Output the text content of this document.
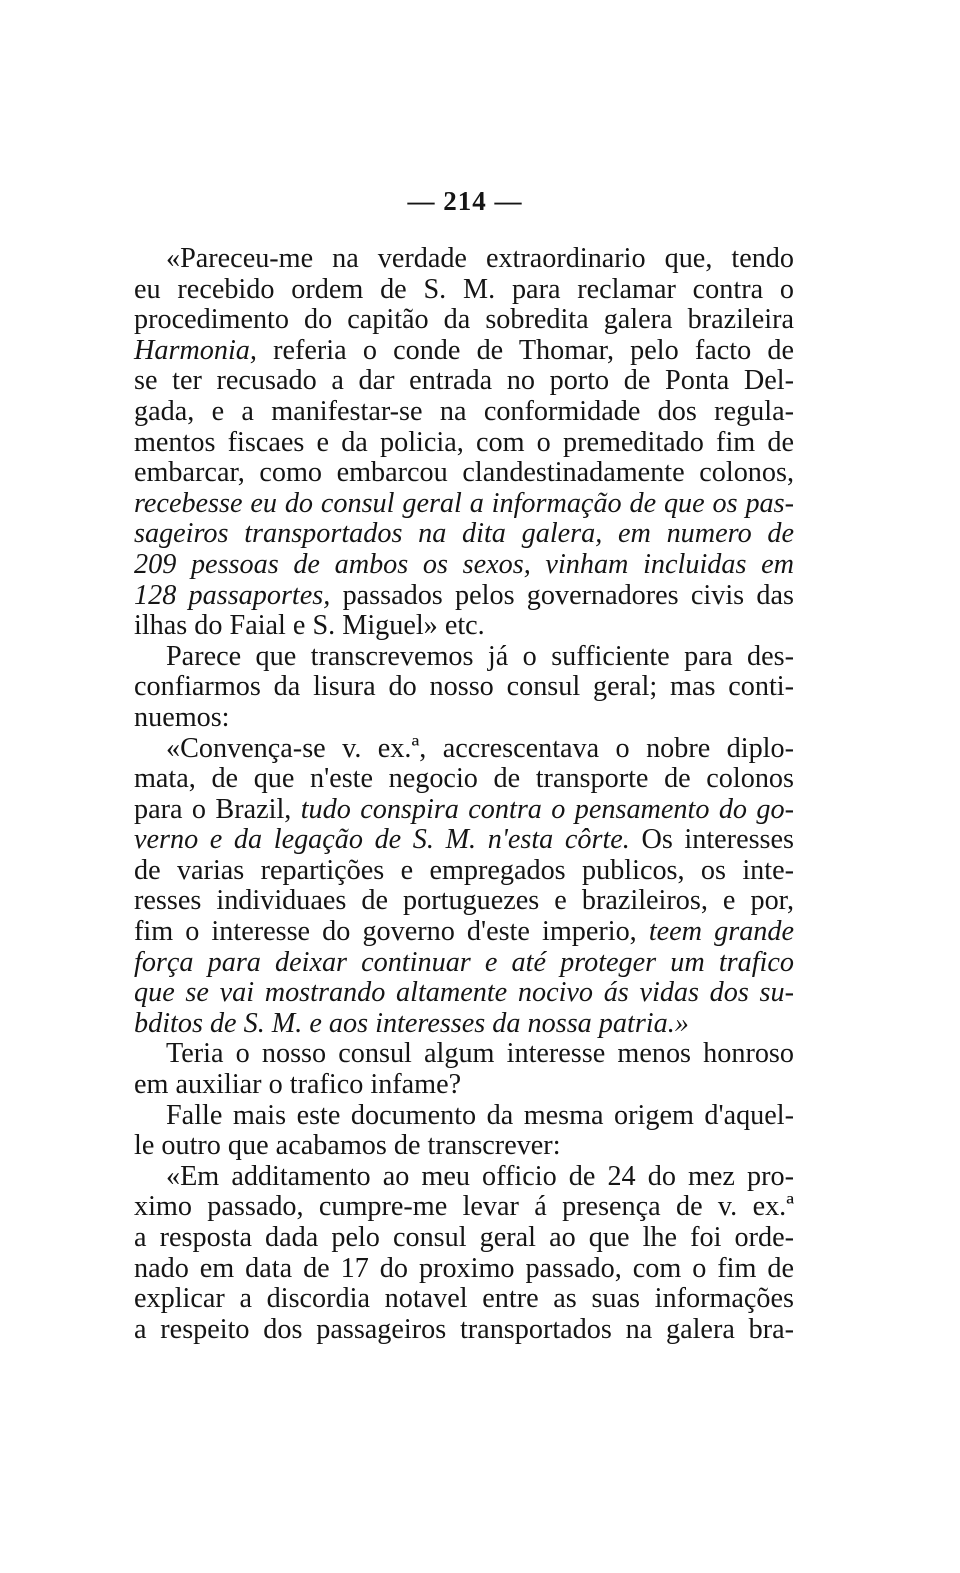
— 214 —
«Pareceu-me na verdade extraordinario que, tendo
eu recebido ordem de S. M. para reclamar contra o
procedimento do capitão da sobredita galera brazileira
Harmonia, referia o conde de Thomar, pelo facto de
se ter recusado a dar entrada no porto de Ponta Del-
gada, e a manifestar-se na conformidade dos regula-
mentos fiscaes e da policia, com o premeditado fim de
embarcar, como embarcou clandestinadamente colonos,
recebesse eu do consul geral a informação de que os pas-
sageiros transportados na dita galera, em numero de
209 pessoas de ambos os sexos, vinham incluidas em
128 passaportes, passados pelos governadores civis das
ilhas do Faial e S. Miguel» etc.
Parece que transcrevemos já o sufficiente para des-
confiarmos da lisura do nosso consul geral; mas conti-
nuemos:
«Convença-se v. ex.ª, accrescentava o nobre diplo-
mata, de que n'este negocio de transporte de colonos
para o Brazil, tudo conspira contra o pensamento do go-
verno e da legação de S. M. n'esta côrte. Os interesses
de varias repartições e empregados publicos, os inte-
resses individuaes de portuguezes e brazileiros, e por,
fim o interesse do governo d'este imperio, teem grande
força para deixar continuar e até proteger um trafico
que se vai mostrando altamente nocivo ás vidas dos su-
bditos de S. M. e aos interesses da nossa patria.»
Teria o nosso consul algum interesse menos honroso
em auxiliar o trafico infame?
Falle mais este documento da mesma origem d'aquel-
le outro que acabamos de transcrever:
«Em additamento ao meu officio de 24 do mez pro-
ximo passado, cumpre-me levar á presença de v. ex.ª
a resposta dada pelo consul geral ao que lhe foi orde-
nado em data de 17 do proximo passado, com o fim de
explicar a discordia notavel entre as suas informações
a respeito dos passageiros transportados na galera bra-
